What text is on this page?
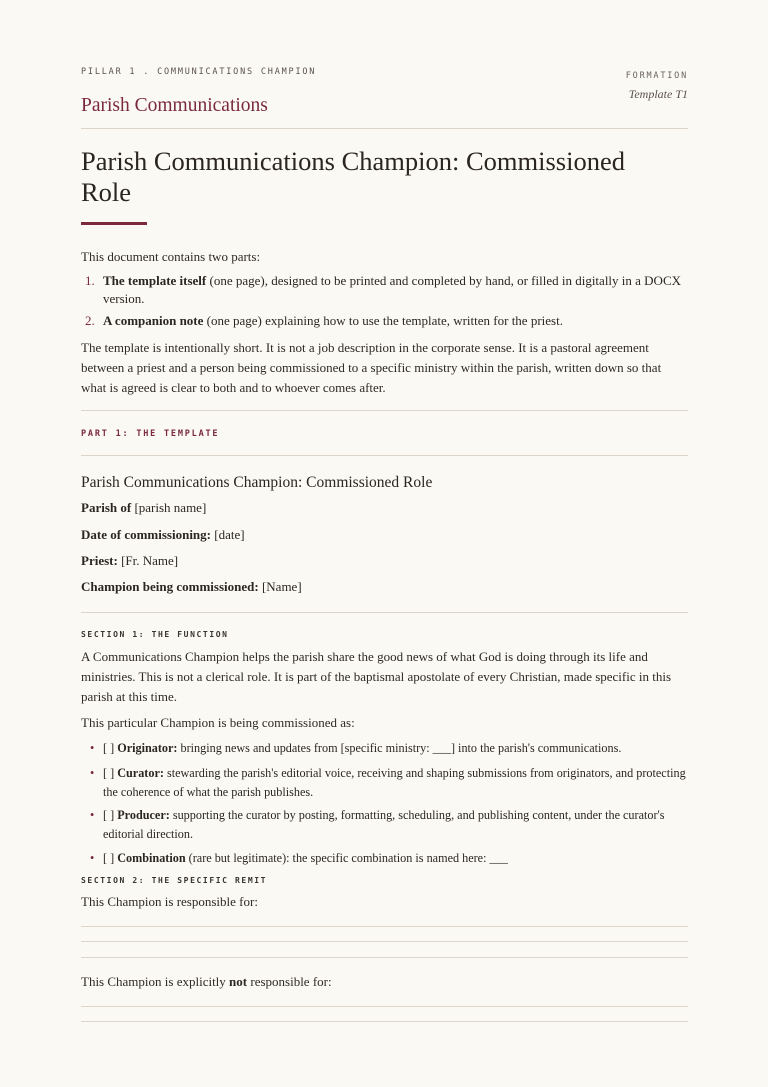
PILLAR 1 . COMMUNICATIONS CHAMPION
Parish Communications
FORMATION
Template T1
Parish Communications Champion: Commissioned Role
This document contains two parts:
1. The template itself (one page), designed to be printed and completed by hand, or filled in digitally in a DOCX version.
2. A companion note (one page) explaining how to use the template, written for the priest.
The template is intentionally short. It is not a job description in the corporate sense. It is a pastoral agreement between a priest and a person being commissioned to a specific ministry within the parish, written down so that what is agreed is clear to both and to whoever comes after.
PART 1: THE TEMPLATE
Parish Communications Champion: Commissioned Role
Parish of [parish name]
Date of commissioning: [date]
Priest: [Fr. Name]
Champion being commissioned: [Name]
SECTION 1: THE FUNCTION
A Communications Champion helps the parish share the good news of what God is doing through its life and ministries. This is not a clerical role. It is part of the baptismal apostolate of every Christian, made specific in this parish at this time.
This particular Champion is being commissioned as:
• [ ] Originator: bringing news and updates from [specific ministry: ___] into the parish's communications.
• [ ] Curator: stewarding the parish's editorial voice, receiving and shaping submissions from originators, and protecting the coherence of what the parish publishes.
• [ ] Producer: supporting the curator by posting, formatting, scheduling, and publishing content, under the curator's editorial direction.
• [ ] Combination (rare but legitimate): the specific combination is named here: ___
SECTION 2: THE SPECIFIC REMIT
This Champion is responsible for:
This Champion is explicitly not responsible for:
